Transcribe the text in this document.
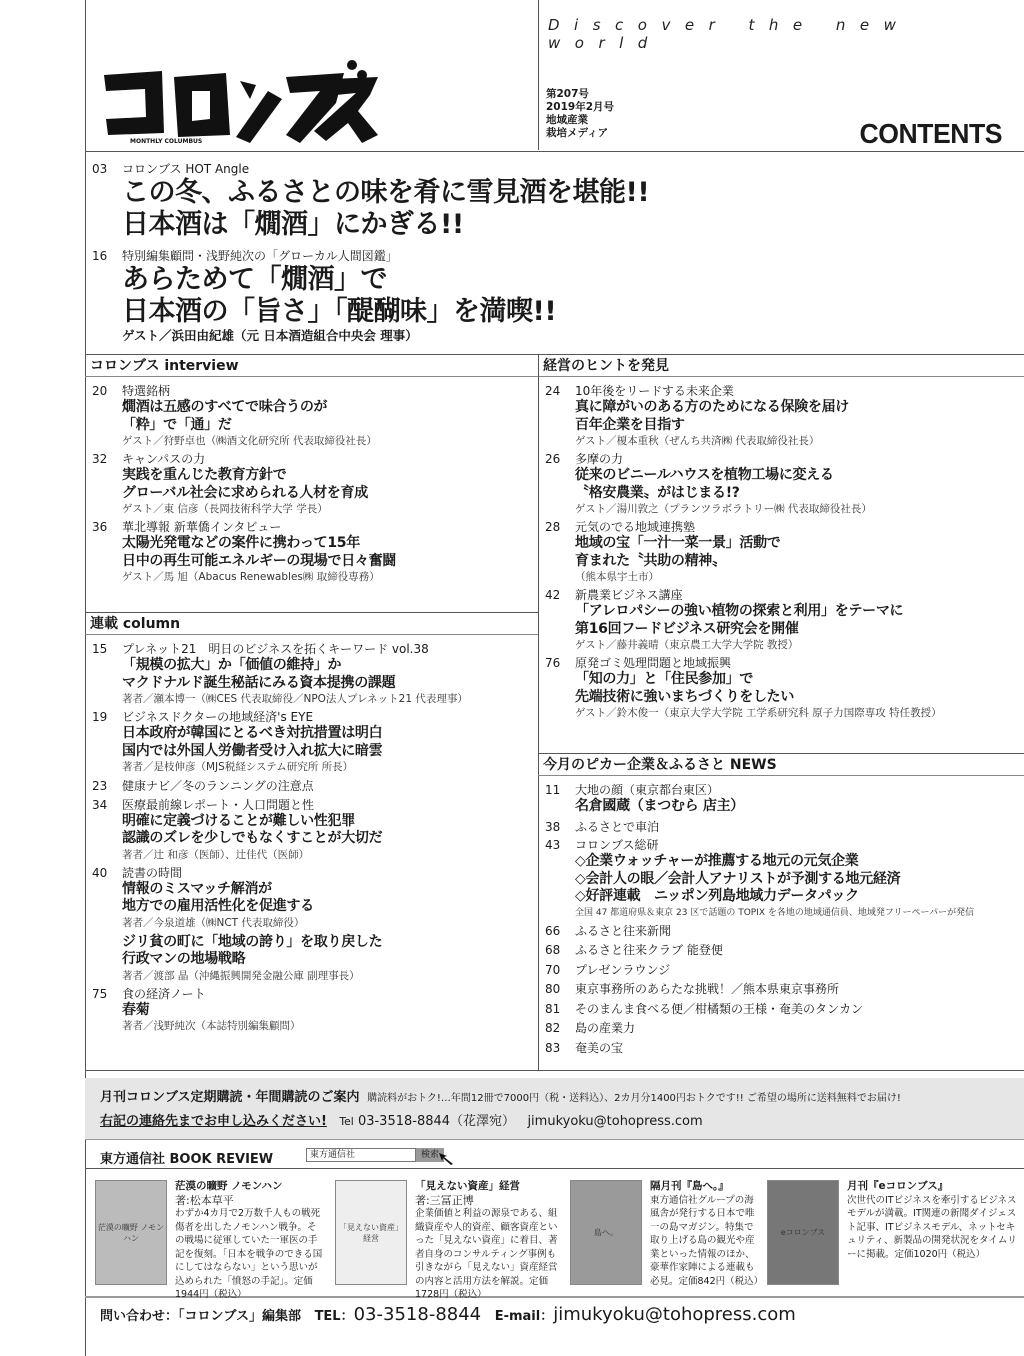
MONTHLY COLUMBUS
Discover the new world
第207号
2019年2月号
地域産業
栽培メディア	CONTENTS
03 コロンブス HOT Angle
この冬、ふるさとの味を肴に雪見酒を堪能!!
日本酒は「燗酒」にかぎる!!
16 特別編集顧問・浅野純次の「グローカル人間図鑑」
あらためて「燗酒」で
日本酒の「旨さ」「醍醐味」を満喫!!
ゲスト／浜田由紀雄（元 日本酒造組合中央会 理事）
コロンブス interview	経営のヒントを発見
連載 column
今月のピカー企業＆ふるさと NEWS
20 特選銘柄
燗酒は五感のすべてで味合うのが
「粋」で「通」だ
ゲスト／狩野卓也（㈱酒文化研究所 代表取締役社長）
32 キャンパスの力
実践を重んじた教育方針で
グローバル社会に求められる人材を育成
ゲスト／東 信彦（長岡技術科学大学 学長）
36 華北導報 新華僑インタビュー
太陽光発電などの案件に携わって15年
日中の再生可能エネルギーの現場で日々奮闘
ゲスト／馬 旭（Abacus Renewables㈱ 取締役専務）
24 10年後をリードする未来企業
真に障がいのある方のためになる保険を届け
百年企業を目指す
ゲスト／榎本重秋（ぜんち共済㈱ 代表取締役社長）
26 多摩の力
従来のビニールハウスを植物工場に変える
〝格安農業〟がはじまる!?
ゲスト／湯川敦之（プランツラボラトリー㈱ 代表取締役社長）
28 元気のでる地域連携塾
地域の宝「一汁一菜一景」活動で
育まれた〝共助の精神〟
（熊本県宇土市）
42 新農業ビジネス講座
「アレロパシーの強い植物の探索と利用」をテーマに
第16回フードビジネス研究会を開催
ゲスト／藤井義晴（東京農工大学大学院 教授）
76 原発ゴミ処理問題と地域振興
「知の力」と「住民参加」で
先端技術に強いまちづくりをしたい
ゲスト／鈴木俊一（東京大学大学院 工学系研究科 原子力国際専攻 特任教授）
15 プレネット21　明日のビジネスを拓くキーワード vol.38
「規模の拡大」か「価値の維持」か
マクドナルド誕生秘話にみる資本提携の課題
著者／瀬本博一（㈱CES 代表取締役／NPO法人プレネット21 代表理事）
19 ビジネスドクターの地域経済's EYE
日本政府が韓国にとるべき対抗措置は明白
国内では外国人労働者受け入れ拡大に暗雲
著者／是枝伸彦（MJS税経システム研究所 所長）
23 健康ナビ／冬のランニングの注意点
34 医療最前線レポート・人口問題と性
明確に定義づけることが難しい性犯罪
認識のズレを少しでもなくすことが大切だ
著者／辻 和彦（医師）、辻佳代（医師）
40 読書の時間
情報のミスマッチ解消が
地方での雇用活性化を促進する
著者／今泉道雄（㈱NCT 代表取締役）
ジリ貧の町に「地域の誇り」を取り戻した
行政マンの地場戦略
著者／渡部 晶（沖縄振興開発金融公庫 副理事長）
75 食の経済ノート
春菊
著者／浅野純次（本誌特別編集顧問）
11 大地の顔（東京都台東区）
名倉國蔵（まつむら 店主）
38 ふるさとで車泊
43 コロンブス総研
◇企業ウォッチャーが推薦する地元の元気企業
◇会計人の眼／会計人アナリストが予測する地元経済
◇好評連載　ニッポン列島地域力データパック
全国 47 都道府県＆東京 23 区で話題の TOPIX を各地の地域通信員、地域発フリーペーパーが発信
66 ふるさと往来新聞
68 ふるさと往来クラブ 能登便
70 プレゼンラウンジ
80 東京事務所のあらたな挑戦！／熊本県東京事務所
81 そのまんま食べる便／柑橘類の王様・奄美のタンカン
82 島の産業力
83 奄美の宝
月刊コロンブス定期購読・年間購読のご案内 購読料がおトク!…年間12冊で7000円（税・送料込）、2カ月分1400円おトクです!! ご希望の場所に送料無料でお届け!
右記の連絡先までお申し込みください! Tel 03-3518-8844（花澤宛） jimukyoku@tohopress.com
東方通信社 BOOK REVIEW	東方通信社	検索
茫漠の曠野 ノモンハン
茫漠の曠野 ノモンハン
著:松本草平
わずか4カ月で2万数千人もの戦死傷者を出したノモンハン戦争。その戦場に従軍していた一軍医の手記を復刻。「日本を戦争のできる国にしてはならない」という思いが込められた「憤怒の手記」。定価1944円（税込）
「見えない資産」経営
「見えない資産」経営
著:三冨正博
企業価値と利益の源泉である、組織資産や人的資産、顧客資産といった「見えない資産」に着目、著者自身のコンサルティング事例も引きながら「見えない」資産経営の内容と活用方法を解説。定価1728円（税込）
島へ。
隔月刊『島へ。』
東方通信社グループの海風舎が発行する日本で唯一の島マガジン。特集で取り上げる島の観光や産業といった情報のほか、豪華作家陣による連載も必見。定価842円（税込）
eコロンブス
月刊『eコロンブス』
次世代のITビジネスを牽引するビジネスモデルが満載。IT関連の新聞ダイジェスト記事、ITビジネスモデル、ネットセキュリティ、新製品の開発状況をタイムリーに掲載。定価1020円（税込）
問い合わせ：「コロンブス」編集部 TEL：03-3518-8844 E-mail：jimukyoku@tohopress.com
